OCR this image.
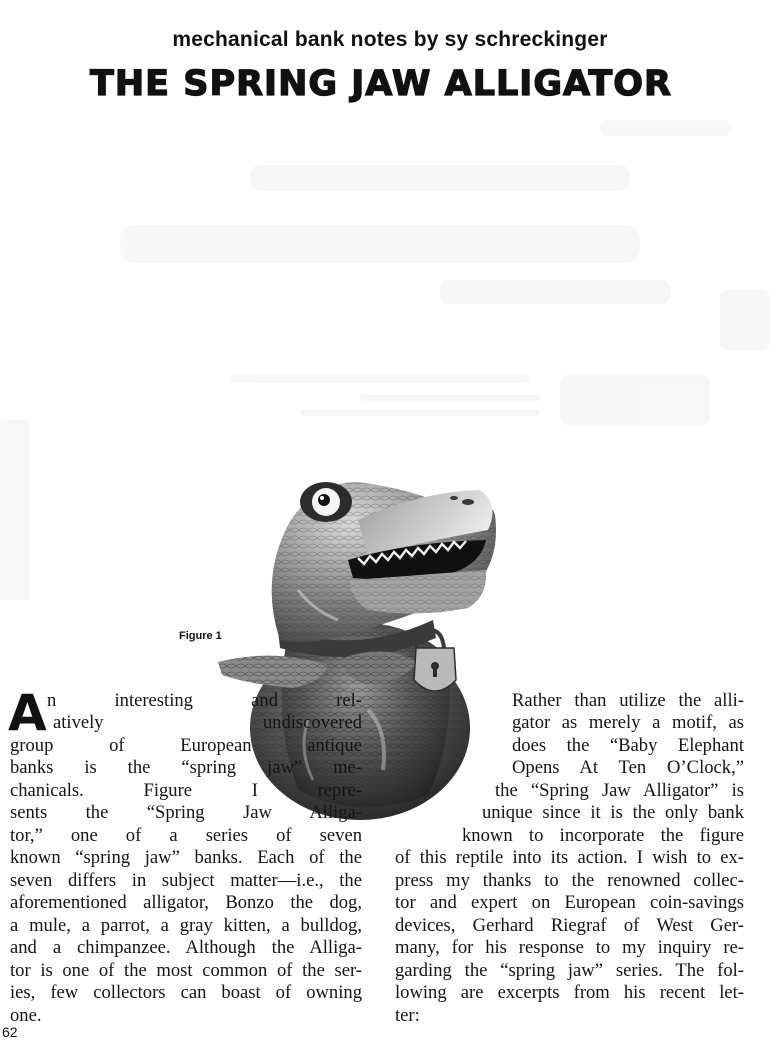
mechanical bank notes by sy schreckinger
THE SPRING JAW ALLIGATOR
Figure 1

A n interesting and rel-

atively undiscovered

group of European antique

banks is the “spring jaw” me-

chanicals. Figure I repre-

sents the “Spring Jaw Alliga-

tor,” one of a series of seven

known “spring jaw” banks. Each of the

seven differs in subject matter—i.e., the

aforementioned alligator, Bonzo the dog,

a mule, a parrot, a gray kitten, a bulldog,

and a chimpanzee. Although the Alliga-

tor is one of the most common of the ser-

ies, few collectors can boast of owning

one.

Rather than utilize the alli-

gator as merely a motif, as

does the “Baby Elephant

Opens At Ten O’Clock,”

the “Spring Jaw Alligator” is

unique since it is the only bank

known to incorporate the figure

of this reptile into its action. I wish to ex-

press my thanks to the renowned collec-

tor and expert on European coin-savings

devices, Gerhard Riegraf of West Ger-

many, for his response to my inquiry re-

garding the “spring jaw” series. The fol-

lowing are excerpts from his recent let-

ter:

62
